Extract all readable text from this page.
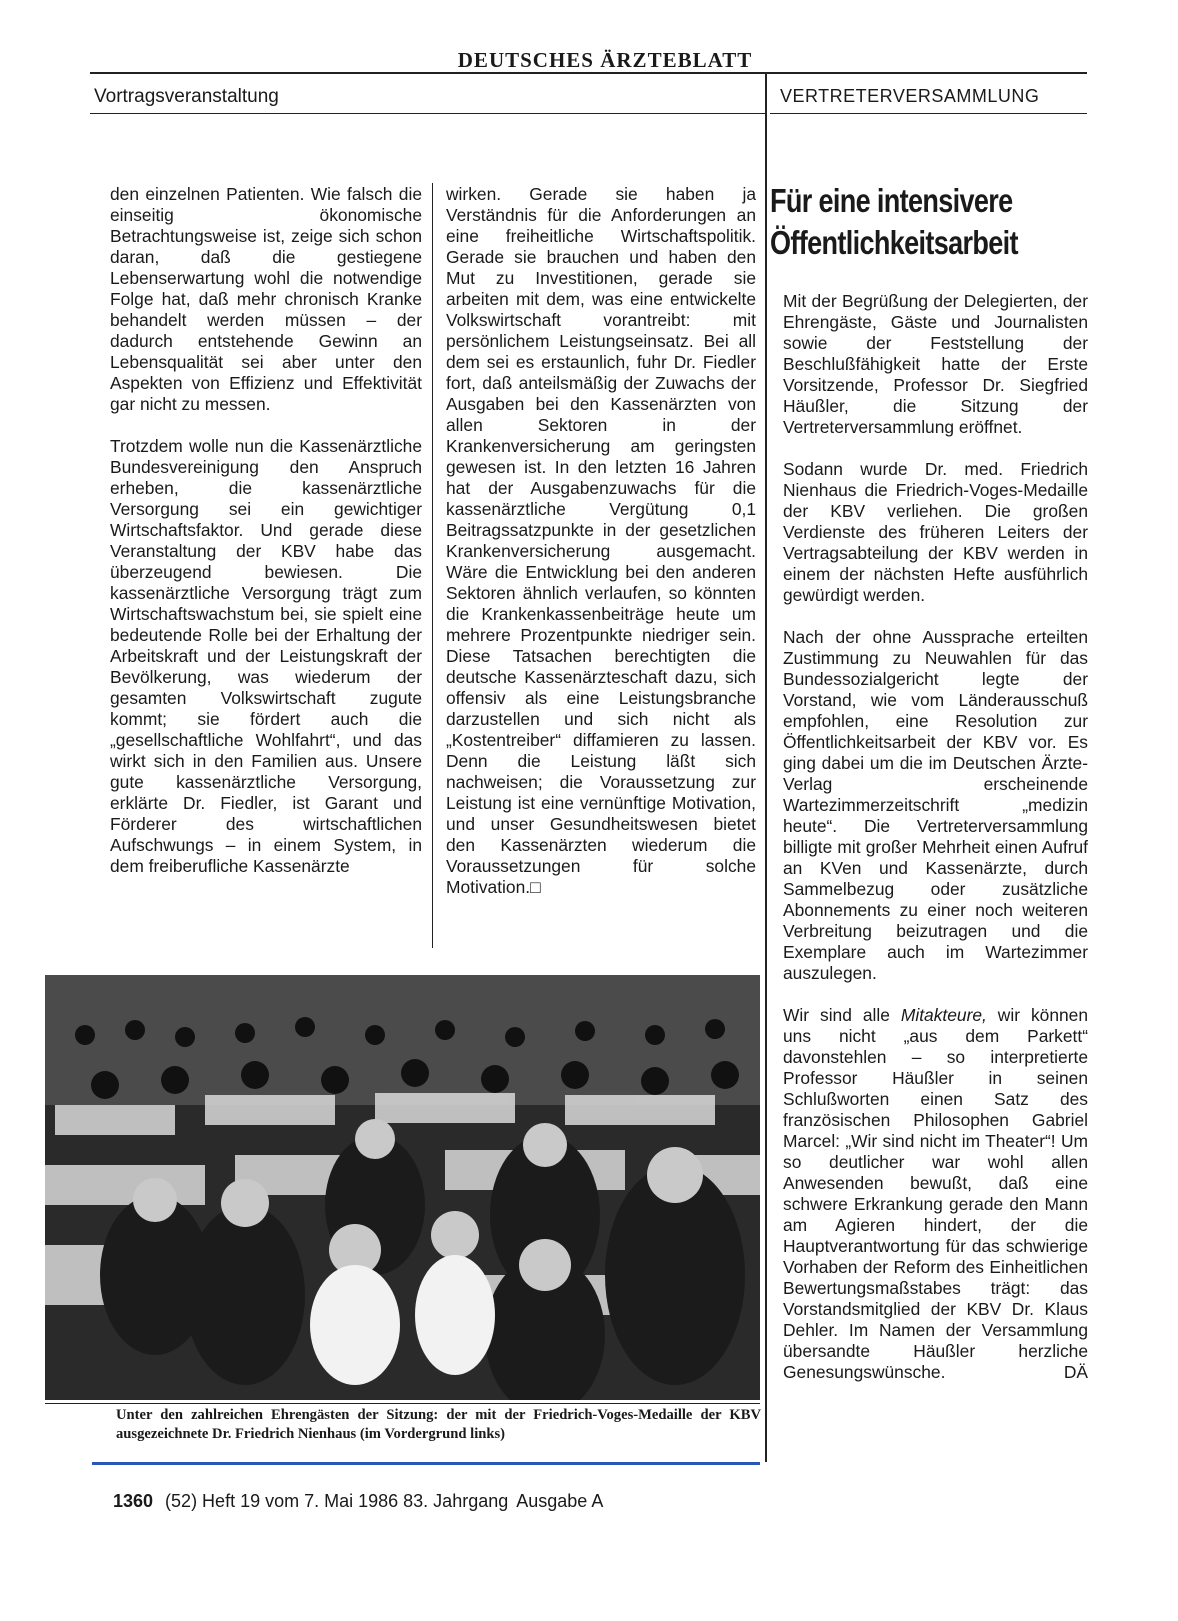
DEUTSCHES ÄRZTEBLATT
Vortragsveranstaltung	VERTRETERVERSAMMLUNG

den einzelnen Patienten. Wie falsch die einseitig ökonomische Betrachtungsweise ist, zeige sich schon daran, daß die gestiegene Lebenserwartung wohl die notwendige Folge hat, daß mehr chronisch Kranke behandelt werden müssen – der dadurch entstehende Gewinn an Lebensqualität sei aber unter den Aspekten von Effizienz und Effektivität gar nicht zu messen.

Trotzdem wolle nun die Kassenärztliche Bundesvereinigung den Anspruch erheben, die kassenärztliche Versorgung sei ein gewichtiger Wirtschaftsfaktor. Und gerade diese Veranstaltung der KBV habe das überzeugend bewiesen. Die kassenärztliche Versorgung trägt zum Wirtschaftswachstum bei, sie spielt eine bedeutende Rolle bei der Erhaltung der Arbeitskraft und der Leistungskraft der Bevölkerung, was wiederum der gesamten Volkswirtschaft zugute kommt; sie fördert auch die „gesellschaftliche Wohlfahrt“, und das wirkt sich in den Familien aus. Unsere gute kassenärztliche Versorgung, erklärte Dr. Fiedler, ist Garant und Förderer des wirtschaftlichen Aufschwungs – in einem System, in dem freiberufliche Kassenärzte

wirken. Gerade sie haben ja Verständnis für die Anforderungen an eine freiheitliche Wirtschaftspolitik. Gerade sie brauchen und haben den Mut zu Investitionen, gerade sie arbeiten mit dem, was eine entwickelte Volkswirtschaft vorantreibt: mit persönlichem Leistungseinsatz. Bei all dem sei es erstaunlich, fuhr Dr. Fiedler fort, daß anteilsmäßig der Zuwachs der Ausgaben bei den Kassenärzten von allen Sektoren in der Krankenversicherung am geringsten gewesen ist. In den letzten 16 Jahren hat der Ausgabenzuwachs für die kassenärztliche Vergütung 0,1 Beitragssatzpunkte in der gesetzlichen Krankenversicherung ausgemacht. Wäre die Entwicklung bei den anderen Sektoren ähnlich verlaufen, so könnten die Krankenkassenbeiträge heute um mehrere Prozentpunkte niedriger sein. Diese Tatsachen berechtigten die deutsche Kassenärzteschaft dazu, sich offensiv als eine Leistungsbranche darzustellen und sich nicht als „Kostentreiber“ diffamieren zu lassen. Denn die Leistung läßt sich nachweisen; die Voraussetzung zur Leistung ist eine vernünftige Motivation, und unser Gesundheitswesen bietet den Kassenärzten wiederum die Voraussetzungen für solche Motivation.□

Für eine intensivere
Öffentlichkeitsarbeit

Mit der Begrüßung der Delegierten, der Ehrengäste, Gäste und Journalisten sowie der Feststellung der Beschlußfähigkeit hatte der Erste Vorsitzende, Professor Dr. Siegfried Häußler, die Sitzung der Vertreterversammlung eröffnet.

Sodann wurde Dr. med. Friedrich Nienhaus die Friedrich-Voges-Medaille der KBV verliehen. Die großen Verdienste des früheren Leiters der Vertragsabteilung der KBV werden in einem der nächsten Hefte ausführlich gewürdigt werden.

Nach der ohne Aussprache erteilten Zustimmung zu Neuwahlen für das Bundessozialgericht legte der Vorstand, wie vom Länderausschuß empfohlen, eine Resolution zur Öffentlichkeitsarbeit der KBV vor. Es ging dabei um die im Deutschen Ärzte-Verlag erscheinende Wartezimmerzeitschrift „medizin heute“. Die Vertreterversammlung billigte mit großer Mehrheit einen Aufruf an KVen und Kassenärzte, durch Sammelbezug oder zusätzliche Abonnements zu einer noch weiteren Verbreitung beizutragen und die Exemplare auch im Wartezimmer auszulegen.

Wir sind alle Mitakteure, wir können uns nicht „aus dem Parkett“ davonstehlen – so interpretierte Professor Häußler in seinen Schlußworten einen Satz des französischen Philosophen Gabriel Marcel: „Wir sind nicht im Theater“! Um so deutlicher war wohl allen Anwesenden bewußt, daß eine schwere Erkrankung gerade den Mann am Agieren hindert, der die Hauptverantwortung für das schwierige Vorhaben der Reform des Einheitlichen Bewertungsmaßstabes trägt: das Vorstandsmitglied der KBV Dr. Klaus Dehler. Im Namen der Versammlung übersandte Häußler herzliche Genesungswünsche.	DÄ

Unter den zahlreichen Ehrengästen der Sitzung: der mit der Friedrich-Voges-Medaille der KBV ausgezeichnete Dr. Friedrich Nienhaus (im Vordergrund links)
1360 (52) Heft 19 vom 7. Mai 1986 83. Jahrgang Ausgabe A
